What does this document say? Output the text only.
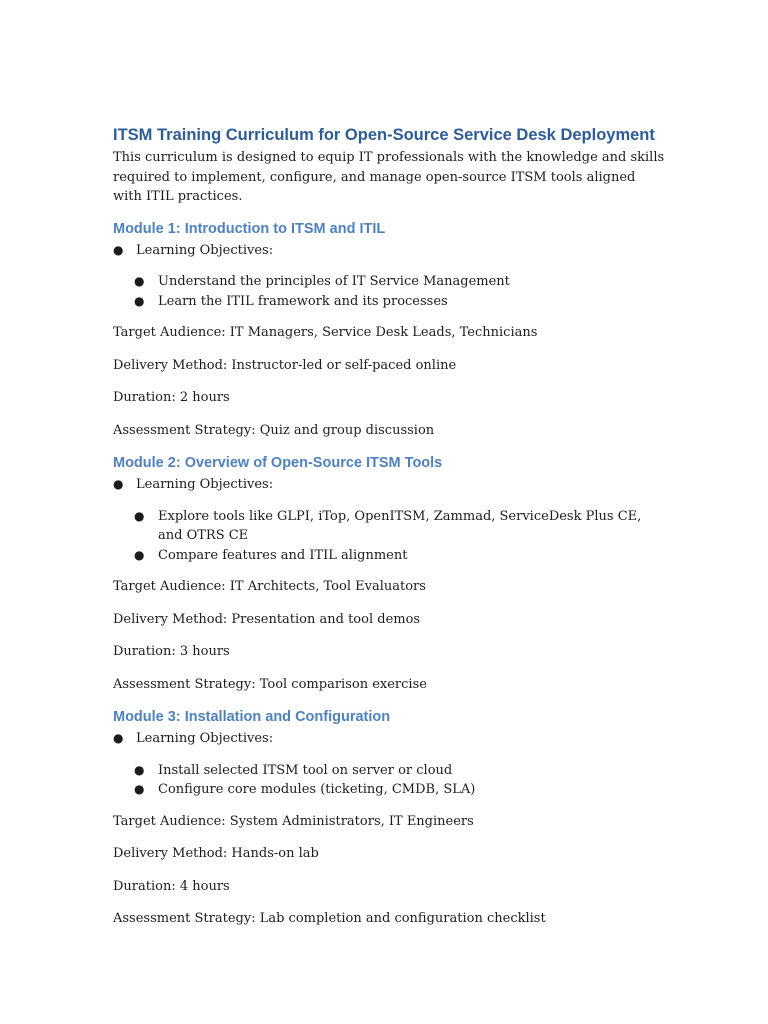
ITSM Training Curriculum for Open-Source Service Desk Deployment

This curriculum is designed to equip IT professionals with the knowledge and skills required to implement, configure, and manage open-source ITSM tools aligned with ITIL practices.

Module 1: Introduction to ITSM and ITIL
● Learning Objectives:
● Understand the principles of IT Service Management
● Learn the ITIL framework and its processes

Target Audience: IT Managers, Service Desk Leads, Technicians

Delivery Method: Instructor-led or self-paced online

Duration: 2 hours

Assessment Strategy: Quiz and group discussion

Module 2: Overview of Open-Source ITSM Tools
● Learning Objectives:
● Explore tools like GLPI, iTop, OpenITSM, Zammad, ServiceDesk Plus CE, and OTRS CE
● Compare features and ITIL alignment

Target Audience: IT Architects, Tool Evaluators

Delivery Method: Presentation and tool demos

Duration: 3 hours

Assessment Strategy: Tool comparison exercise

Module 3: Installation and Configuration
● Learning Objectives:
● Install selected ITSM tool on server or cloud
● Configure core modules (ticketing, CMDB, SLA)

Target Audience: System Administrators, IT Engineers

Delivery Method: Hands-on lab

Duration: 4 hours

Assessment Strategy: Lab completion and configuration checklist
